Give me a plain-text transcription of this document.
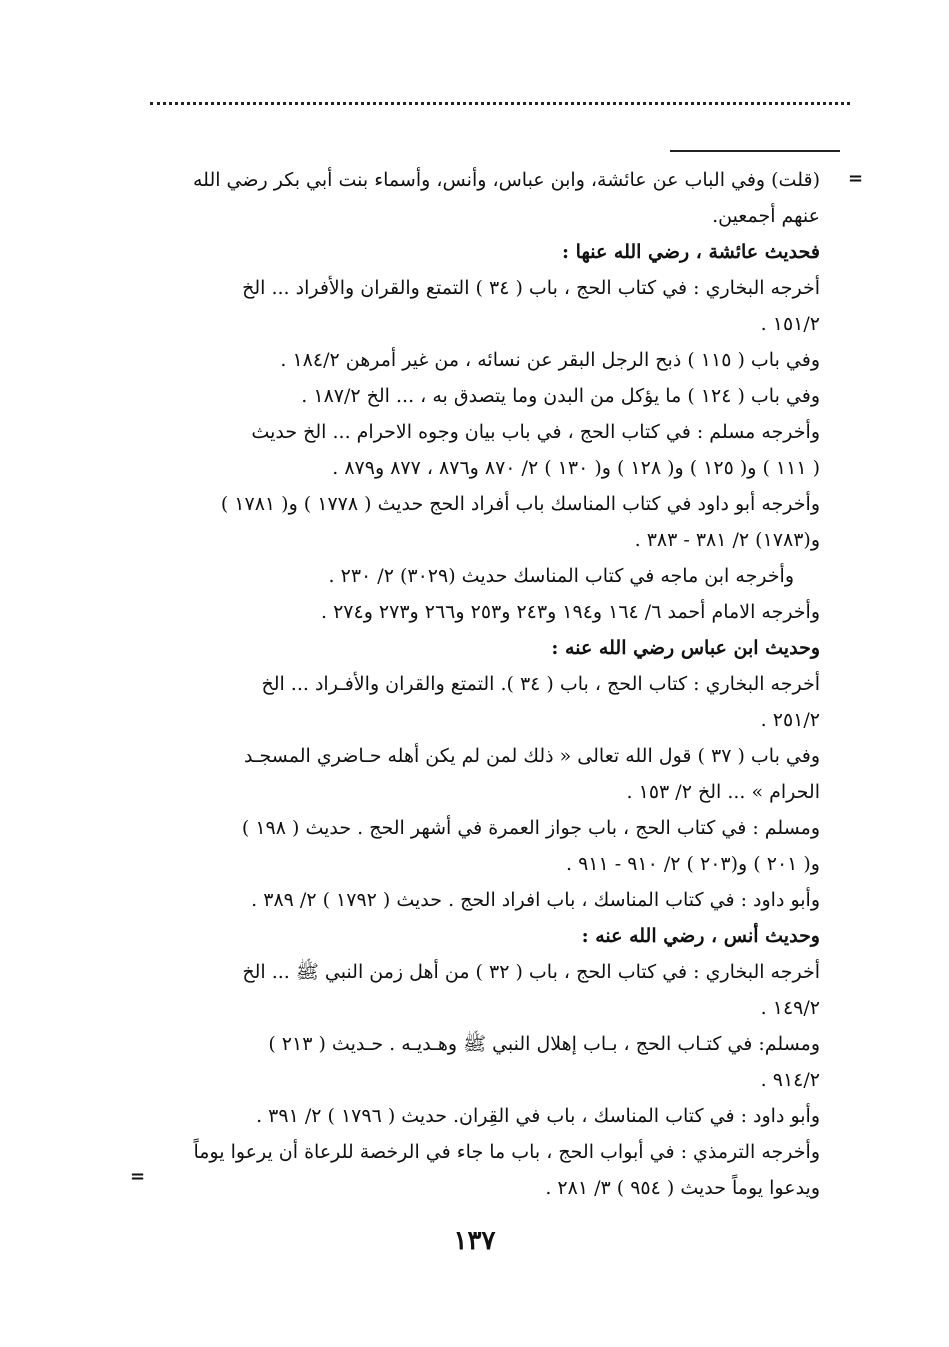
=
(قلت) وفي الباب عن عائشة، وابن عباس، وأنس، وأسماء بنت أبي بكر رضي الله
عنهم أجمعين.
فحديث عائشة ، رضي الله عنها :
أخرجه البخاري : في كتاب الحج ، باب ( ٣٤ ) التمتع والقران والأفراد ... الخ
١٥١/٢ .
وفي باب ( ١١٥ ) ذبح الرجل البقر عن نسائه ، من غير أمرهن ١٨٤/٢ .
وفي باب ( ١٢٤ ) ما يؤكل من البدن وما يتصدق به ، ... الخ ١٨٧/٢ .
وأخرجه مسلم : في كتاب الحج ، في باب بيان وجوه الاحرام ... الخ حديث
( ١١١ ) و( ١٢٥ ) و( ١٢٨ ) و( ١٣٠ ) ٢/ ٨٧٠ و٨٧٦ ، ٨٧٧ و٨٧٩ .
وأخرجه أبو داود في كتاب المناسك باب أفراد الحج حديث ( ١٧٧٨ ) و( ١٧٨١ )
و(١٧٨٣) ٢/ ٣٨١ - ٣٨٣ .
وأخرجه ابن ماجه في كتاب المناسك حديث (٣٠٢٩) ٢/ ٢٣٠ .
وأخرجه الامام أحمد ٦/ ١٦٤ و١٩٤ و٢٤٣ و٢٥٣ و٢٦٦ و٢٧٣ و٢٧٤ .
وحديث ابن عباس رضي الله عنه :
أخرجه البخاري : كتاب الحج ، باب ( ٣٤ ). التمتع والقران والأفـراد ... الخ
٢٥١/٢ .
وفي باب ( ٣٧ ) قول الله تعالى « ذلك لمن لم يكن أهله حـاضري المسجـد
الحرام » ... الخ ٢/ ١٥٣ .
ومسلم : في كتاب الحج ، باب جواز العمرة في أشهر الحج . حديث ( ١٩٨ )
و( ٢٠١ ) و(٢٠٣ ) ٢/ ٩١٠ - ٩١١ .
وأبو داود : في كتاب المناسك ، باب افراد الحج . حديث ( ١٧٩٢ ) ٢/ ٣٨٩ .
وحديث أنس ، رضي الله عنه :
أخرجه البخاري : في كتاب الحج ، باب ( ٣٢ ) من أهل زمن النبي ﷺ ... الخ
١٤٩/٢ .
ومسلم: في كتـاب الحج ، بـاب إهلال النبي ﷺ وهـديـه . حـديث ( ٢١٣ )
٩١٤/٢ .
وأبو داود : في كتاب المناسك ، باب في القِران. حديث ( ١٧٩٦ ) ٢/ ٣٩١ .
وأخرجه الترمذي : في أبواب الحج ، باب ما جاء في الرخصة للرعاة أن يرعوا يوماً
ويدعوا يوماً حديث ( ٩٥٤ ) ٣/ ٢٨١ .
=
١٣٧
